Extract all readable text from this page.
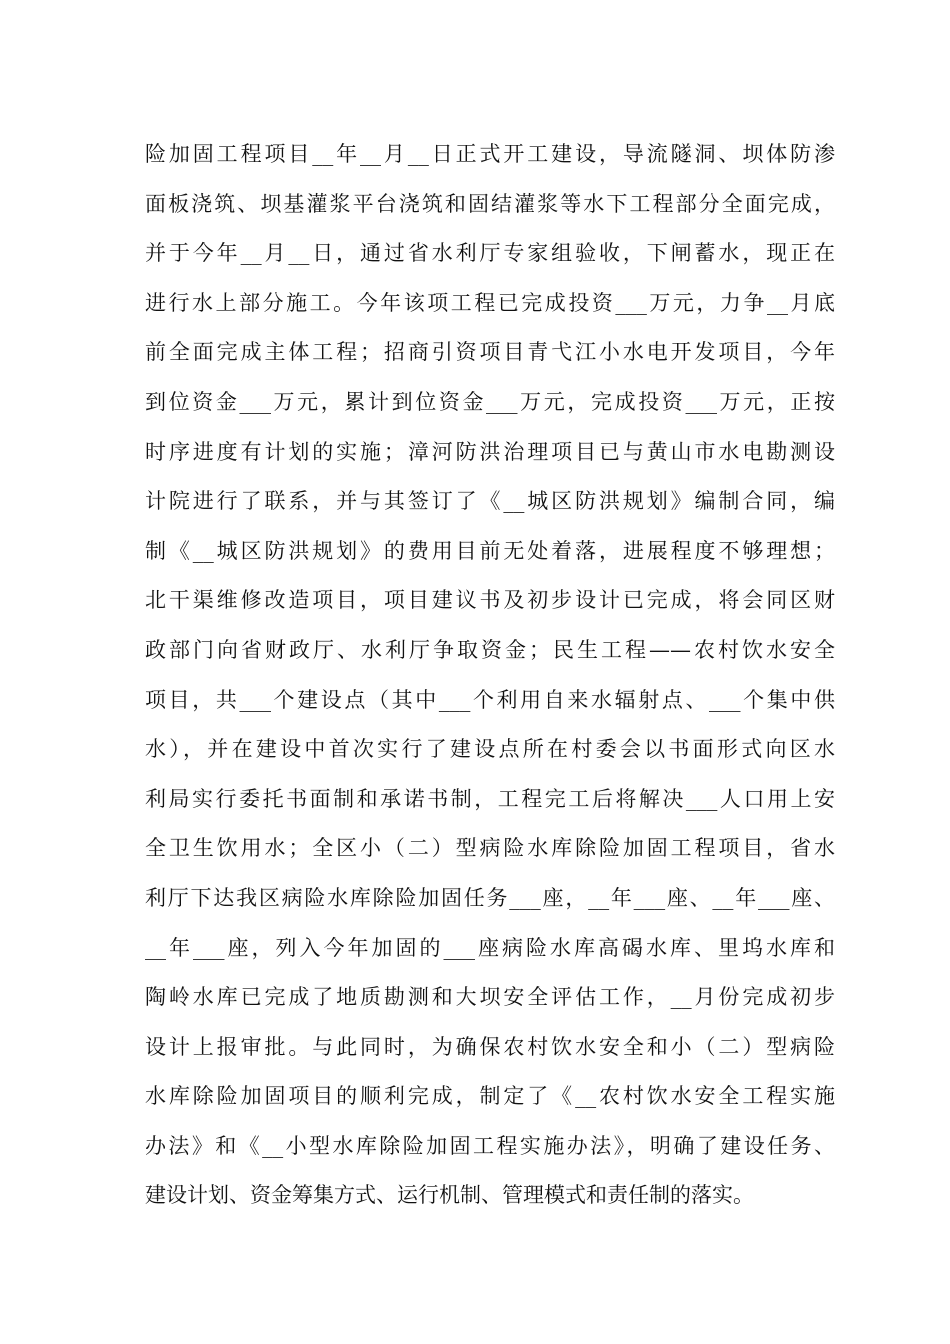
险加固工程项目__年__月__日正式开工建设，导流隧洞、坝体防渗
面板浇筑、坝基灌浆平台浇筑和固结灌浆等水下工程部分全面完成，
并于今年__月__日，通过省水利厅专家组验收，下闸蓄水，现正在
进行水上部分施工。今年该项工程已完成投资___万元，力争__月底
前全面完成主体工程；招商引资项目青弋江小水电开发项目，今年
到位资金___万元，累计到位资金___万元，完成投资___万元，正按
时序进度有计划的实施；漳河防洪治理项目已与黄山市水电勘测设
计院进行了联系，并与其签订了《__城区防洪规划》编制合同，编
制《__城区防洪规划》的费用目前无处着落，进展程度不够理想；
北干渠维修改造项目，项目建议书及初步设计已完成，将会同区财
政部门向省财政厅、水利厅争取资金；民生工程——农村饮水安全
项目，共___个建设点（其中___个利用自来水辐射点、___个集中供
水），并在建设中首次实行了建设点所在村委会以书面形式向区水
利局实行委托书面制和承诺书制，工程完工后将解决___人口用上安
全卫生饮用水；全区小（二）型病险水库除险加固工程项目，省水
利厅下达我区病险水库除险加固任务___座，__年___座、__年___座、
__年___座，列入今年加固的___座病险水库高碣水库、里坞水库和
陶岭水库已完成了地质勘测和大坝安全评估工作，__月份完成初步
设计上报审批。与此同时，为确保农村饮水安全和小（二）型病险
水库除险加固项目的顺利完成，制定了《__农村饮水安全工程实施
办法》和《__小型水库除险加固工程实施办法》，明确了建设任务、
建设计划、资金筹集方式、运行机制、管理模式和责任制的落实。
